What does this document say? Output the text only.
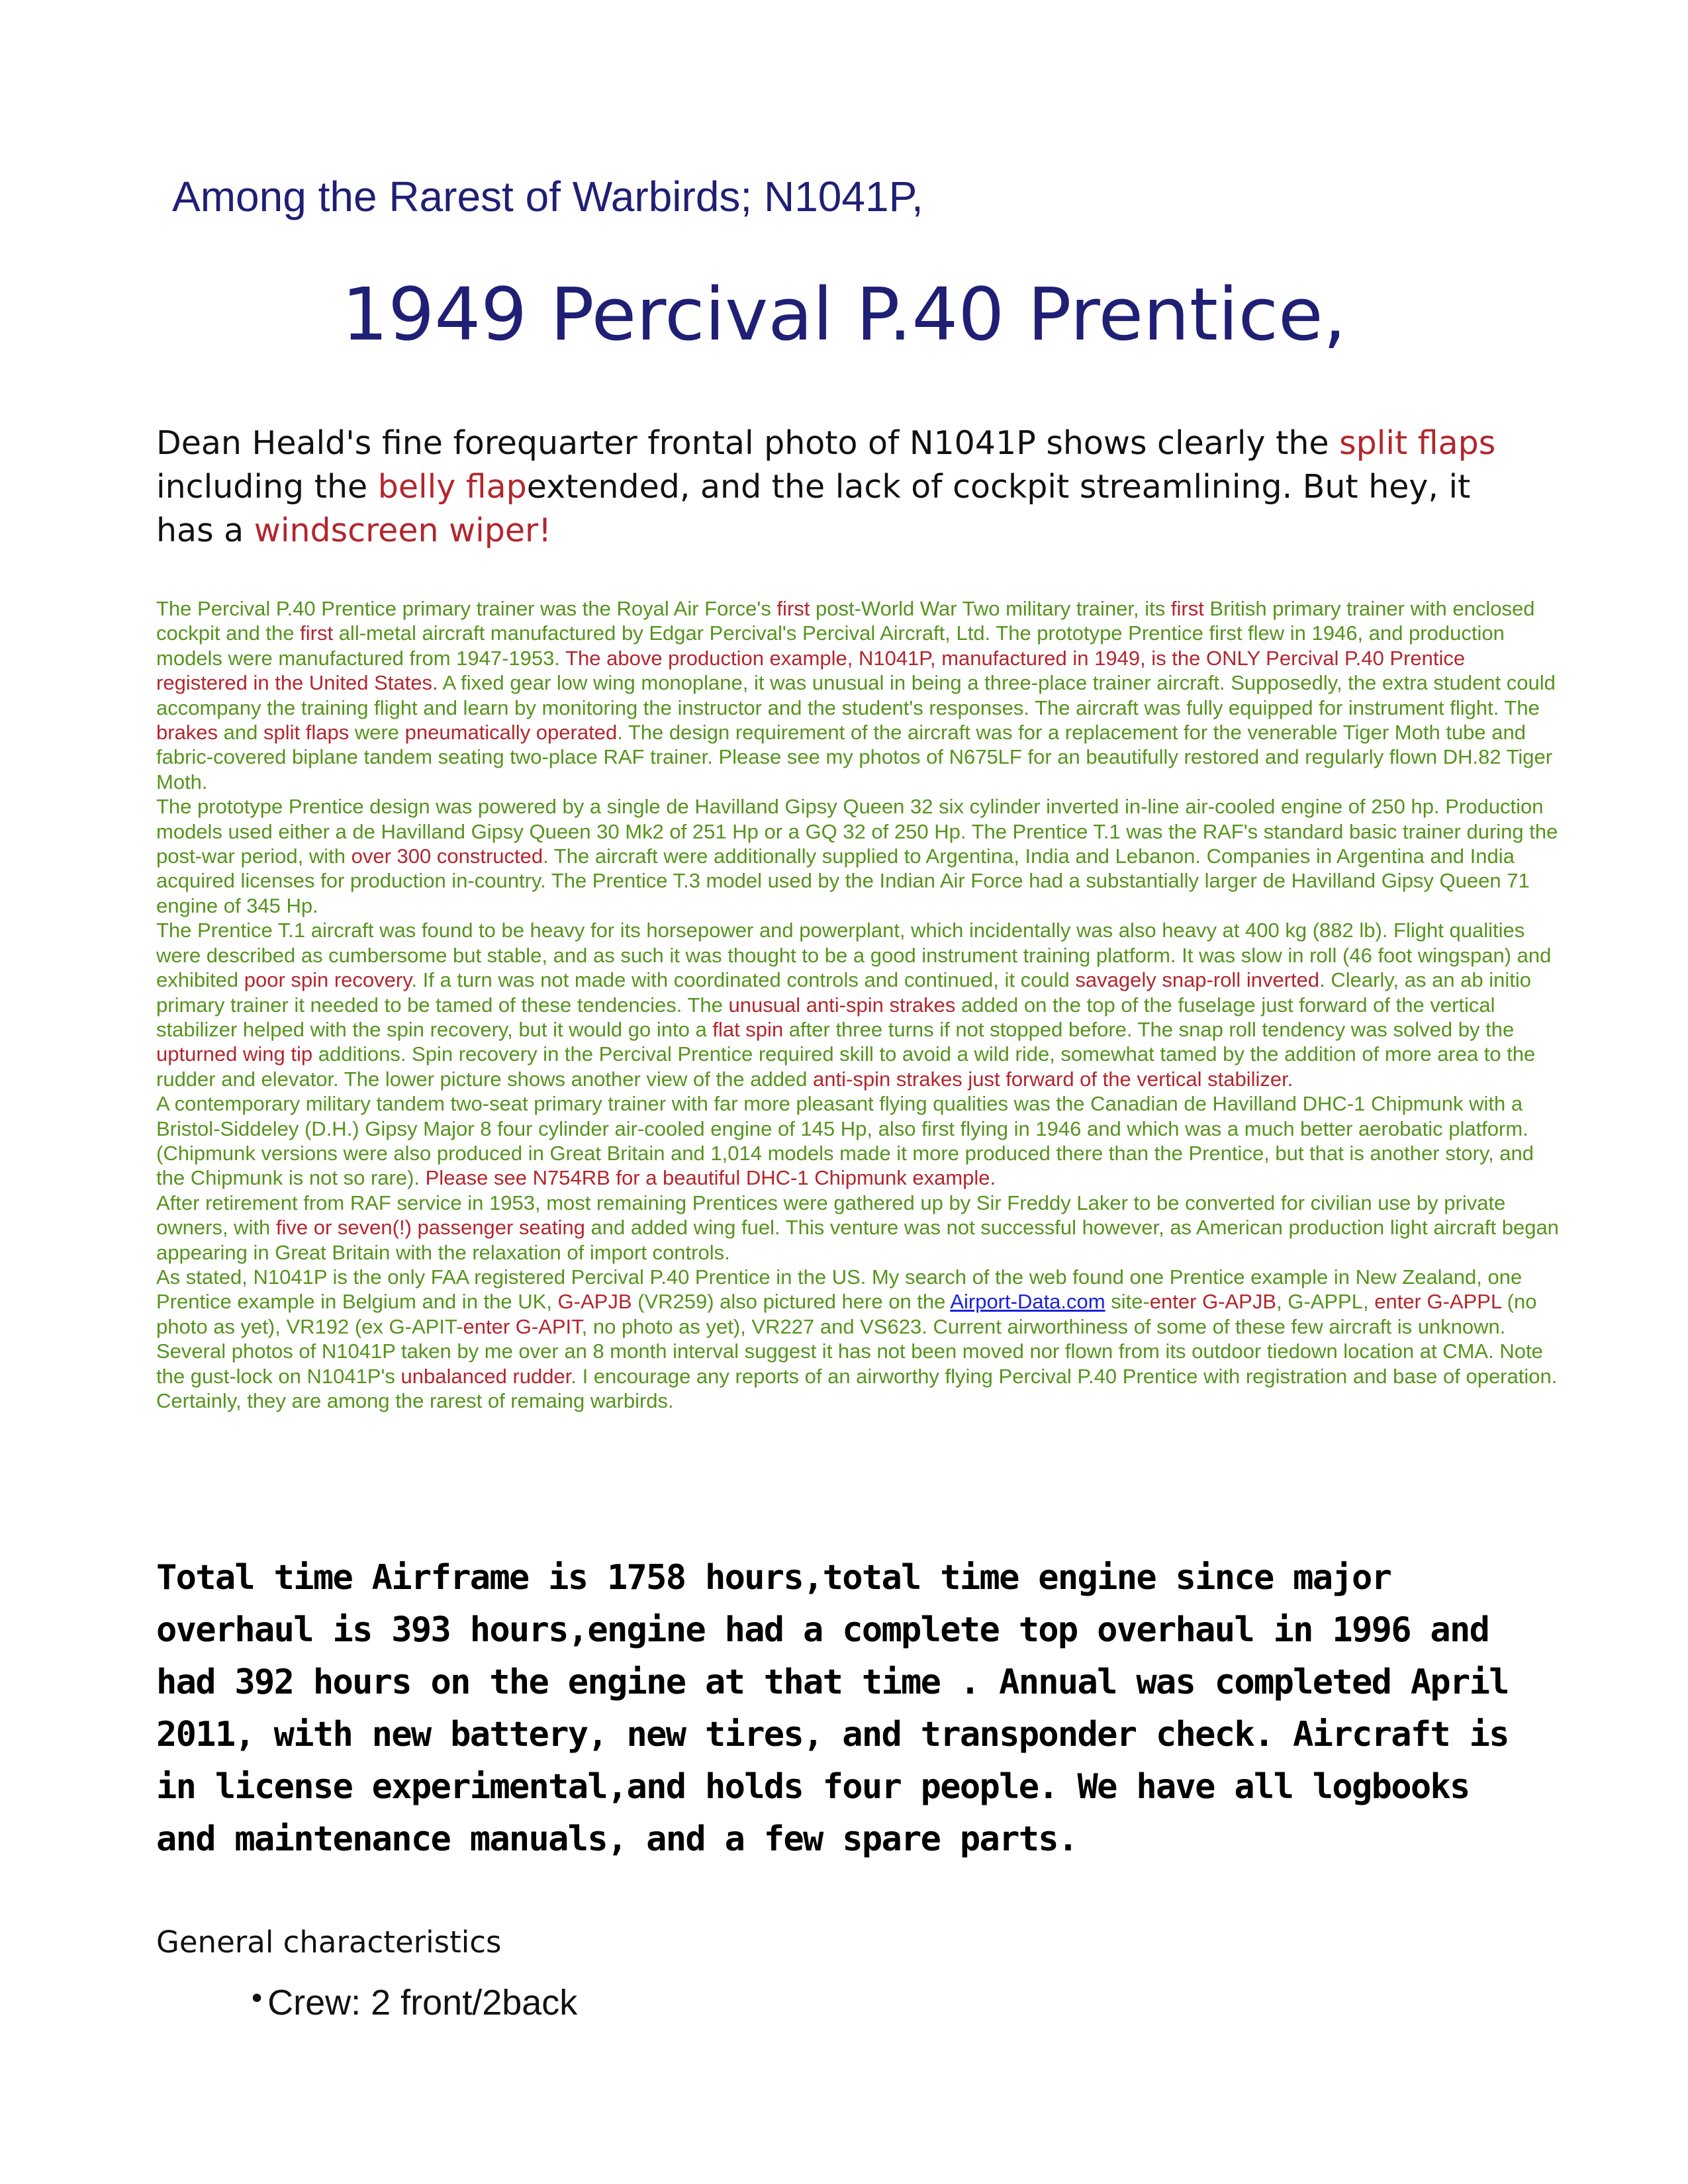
Among the Rarest of Warbirds; N1041P,
1949 Percival P.40 Prentice,

Dean Heald's fine forequarter frontal photo of N1041P shows clearly the split flaps including the belly flapextended, and the lack of cockpit streamlining. But hey, it has a windscreen wiper!

The Percival P.40 Prentice primary trainer was the Royal Air Force's first post-World War Two military trainer, its first British primary trainer with enclosed cockpit and the first all-metal aircraft manufactured by Edgar Percival's Percival Aircraft, Ltd. The prototype Prentice first flew in 1946, and production models were manufactured from 1947-1953. The above production example, N1041P, manufactured in 1949, is the ONLY Percival P.40 Prentice registered in the United States. A fixed gear low wing monoplane, it was unusual in being a three-place trainer aircraft. Supposedly, the extra student could accompany the training flight and learn by monitoring the instructor and the student's responses. The aircraft was fully equipped for instrument flight. The brakes and split flaps were pneumatically operated. The design requirement of the aircraft was for a replacement for the venerable Tiger Moth tube and fabric-covered biplane tandem seating two-place RAF trainer. Please see my photos of N675LF for an beautifully restored and regularly flown DH.82 Tiger Moth.

The prototype Prentice design was powered by a single de Havilland Gipsy Queen 32 six cylinder inverted in-line air-cooled engine of 250 hp. Production models used either a de Havilland Gipsy Queen 30 Mk2 of 251 Hp or a GQ 32 of 250 Hp. The Prentice T.1 was the RAF's standard basic trainer during the post-war period, with over 300 constructed. The aircraft were additionally supplied to Argentina, India and Lebanon. Companies in Argentina and India acquired licenses for production in-country. The Prentice T.3 model used by the Indian Air Force had a substantially larger de Havilland Gipsy Queen 71 engine of 345 Hp.

The Prentice T.1 aircraft was found to be heavy for its horsepower and powerplant, which incidentally was also heavy at 400 kg (882 lb). Flight qualities were described as cumbersome but stable, and as such it was thought to be a good instrument training platform. It was slow in roll (46 foot wingspan) and exhibited poor spin recovery. If a turn was not made with coordinated controls and continued, it could savagely snap-roll inverted. Clearly, as an ab initio primary trainer it needed to be tamed of these tendencies. The unusual anti-spin strakes added on the top of the fuselage just forward of the vertical stabilizer helped with the spin recovery, but it would go into a flat spin after three turns if not stopped before. The snap roll tendency was solved by the upturned wing tip additions. Spin recovery in the Percival Prentice required skill to avoid a wild ride, somewhat tamed by the addition of more area to the rudder and elevator. The lower picture shows another view of the added anti-spin strakes just forward of the vertical stabilizer.

A contemporary military tandem two-seat primary trainer with far more pleasant flying qualities was the Canadian de Havilland DHC-1 Chipmunk with a Bristol-Siddeley (D.H.) Gipsy Major 8 four cylinder air-cooled engine of 145 Hp, also first flying in 1946 and which was a much better aerobatic platform. (Chipmunk versions were also produced in Great Britain and 1,014 models made it more produced there than the Prentice, but that is another story, and the Chipmunk is not so rare). Please see N754RB for a beautiful DHC-1 Chipmunk example.

After retirement from RAF service in 1953, most remaining Prentices were gathered up by Sir Freddy Laker to be converted for civilian use by private owners, with five or seven(!) passenger seating and added wing fuel. This venture was not successful however, as American production light aircraft began appearing in Great Britain with the relaxation of import controls.

As stated, N1041P is the only FAA registered Percival P.40 Prentice in the US. My search of the web found one Prentice example in New Zealand, one Prentice example in Belgium and in the UK, G-APJB (VR259) also pictured here on the Airport-Data.com site-enter G-APJB, G-APPL, enter G-APPL (no photo as yet), VR192 (ex G-APIT-enter G-APIT, no photo as yet), VR227 and VS623. Current airworthiness of some of these few aircraft is unknown.

Several photos of N1041P taken by me over an 8 month interval suggest it has not been moved nor flown from its outdoor tiedown location at CMA. Note the gust-lock on N1041P's unbalanced rudder. I encourage any reports of an airworthy flying Percival P.40 Prentice with registration and base of operation. Certainly, they are among the rarest of remaing warbirds.

Total time Airframe is 1758 hours,total time engine since major overhaul is 393 hours,engine had a complete top overhaul in 1996 and had 392 hours on the engine at that time . Annual was completed April 2011, with new battery, new tires, and transponder check. Aircraft is in license experimental,and holds four people. We have all logbooks and maintenance manuals, and a few spare parts.

General characteristics
• Crew: 2 front/2back
